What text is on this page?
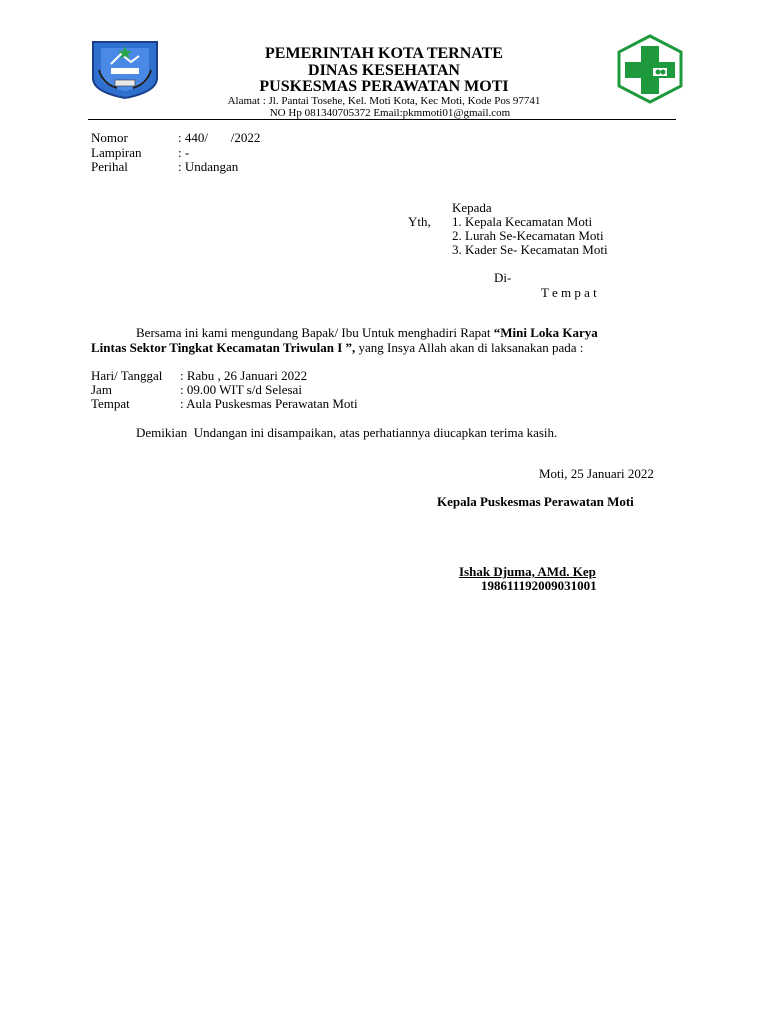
PEMERINTAH KOTA TERNATE
DINAS KESEHATAN
PUSKESMAS PERAWATAN MOTI
Alamat : Jl. Pantai Tosehe, Kel. Moti Kota, Kec Moti, Kode Pos 97741
NO Hp 081340705372 Email:pkmmoti01@gmail.com
Nomor	: 440/       /2022
Lampiran	: -
Perihal	: Undangan
Kepada
Yth, 1. Kepala Kecamatan Moti
2. Lurah Se-Kecamatan Moti
3. Kader Se- Kecamatan Moti
Di-
T e m p a t
Bersama ini kami mengundang Bapak/ Ibu Untuk menghadiri Rapat “Mini Loka Karya
Lintas Sektor Tingkat Kecamatan Triwulan I ”, yang Insya Allah akan di laksanakan pada :
Hari/ Tanggal : Rabu , 26 Januari 2022
Jam	: 09.00 WIT s/d Selesai
Tempat	: Aula Puskesmas Perawatan Moti
Demikian  Undangan ini disampaikan, atas perhatiannya diucapkan terima kasih.
Moti, 25 Januari 2022
Kepala Puskesmas Perawatan Moti
Ishak Djuma, AMd. Kep
198611192009031001
